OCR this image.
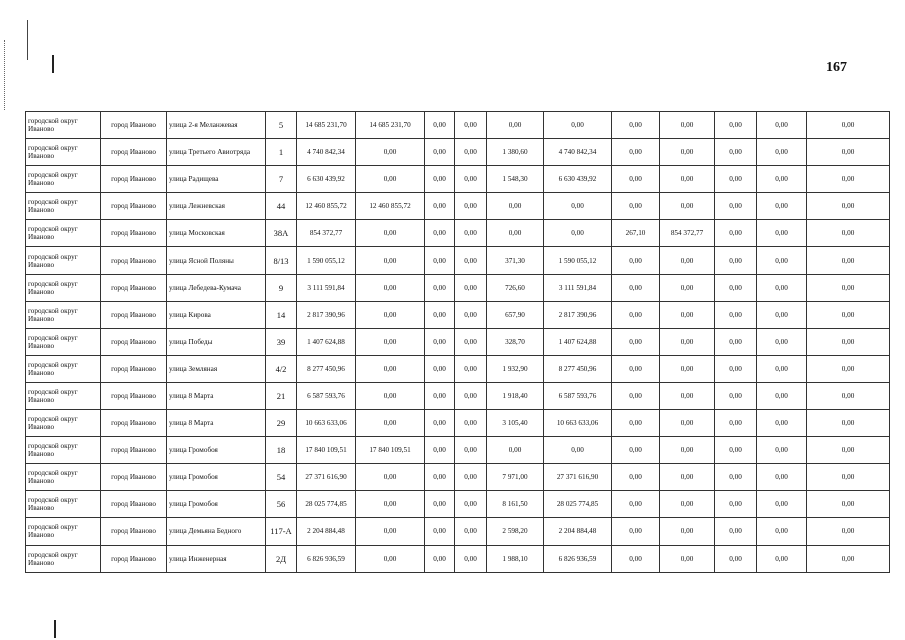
167
городской округ Иваново	город Иваново	улица 2-я Меланжевая	5	14 685 231,70	14 685 231,70	0,00	0,00	0,00	0,00	0,00	0,00	0,00	0,00	0,00
городской округ Иваново	город Иваново	улица Третьего Авиотряда	1	4 740 842,34	0,00	0,00	0,00	1 380,60	4 740 842,34	0,00	0,00	0,00	0,00	0,00
городской округ Иваново	город Иваново	улица Радищева	7	6 630 439,92	0,00	0,00	0,00	1 548,30	6 630 439,92	0,00	0,00	0,00	0,00	0,00
городской округ Иваново	город Иваново	улица Лежневская	44	12 460 855,72	12 460 855,72	0,00	0,00	0,00	0,00	0,00	0,00	0,00	0,00	0,00
городской округ Иваново	город Иваново	улица Московская	38А	854 372,77	0,00	0,00	0,00	0,00	0,00	267,10	854 372,77	0,00	0,00	0,00
городской округ Иваново	город Иваново	улица Ясной Поляны	8/13	1 590 055,12	0,00	0,00	0,00	371,30	1 590 055,12	0,00	0,00	0,00	0,00	0,00
городской округ Иваново	город Иваново	улица Лебедева-Кумача	9	3 111 591,84	0,00	0,00	0,00	726,60	3 111 591,84	0,00	0,00	0,00	0,00	0,00
городской округ Иваново	город Иваново	улица Кирова	14	2 817 390,96	0,00	0,00	0,00	657,90	2 817 390,96	0,00	0,00	0,00	0,00	0,00
городской округ Иваново	город Иваново	улица Победы	39	1 407 624,88	0,00	0,00	0,00	328,70	1 407 624,88	0,00	0,00	0,00	0,00	0,00
городской округ Иваново	город Иваново	улица Земляная	4/2	8 277 450,96	0,00	0,00	0,00	1 932,90	8 277 450,96	0,00	0,00	0,00	0,00	0,00
городской округ Иваново	город Иваново	улица 8 Марта	21	6 587 593,76	0,00	0,00	0,00	1 918,40	6 587 593,76	0,00	0,00	0,00	0,00	0,00
городской округ Иваново	город Иваново	улица 8 Марта	29	10 663 633,06	0,00	0,00	0,00	3 105,40	10 663 633,06	0,00	0,00	0,00	0,00	0,00
городской округ Иваново	город Иваново	улица Громобоя	18	17 840 109,51	17 840 109,51	0,00	0,00	0,00	0,00	0,00	0,00	0,00	0,00	0,00
городской округ Иваново	город Иваново	улица Громобоя	54	27 371 616,90	0,00	0,00	0,00	7 971,00	27 371 616,90	0,00	0,00	0,00	0,00	0,00
городской округ Иваново	город Иваново	улица Громобоя	56	28 025 774,85	0,00	0,00	0,00	8 161,50	28 025 774,85	0,00	0,00	0,00	0,00	0,00
городской округ Иваново	город Иваново	улица Демьяна Бедного	117-А	2 204 884,48	0,00	0,00	0,00	2 598,20	2 204 884,48	0,00	0,00	0,00	0,00	0,00
городской округ Иваново	город Иваново	улица Инженерная	2Д	6 826 936,59	0,00	0,00	0,00	1 988,10	6 826 936,59	0,00	0,00	0,00	0,00	0,00
